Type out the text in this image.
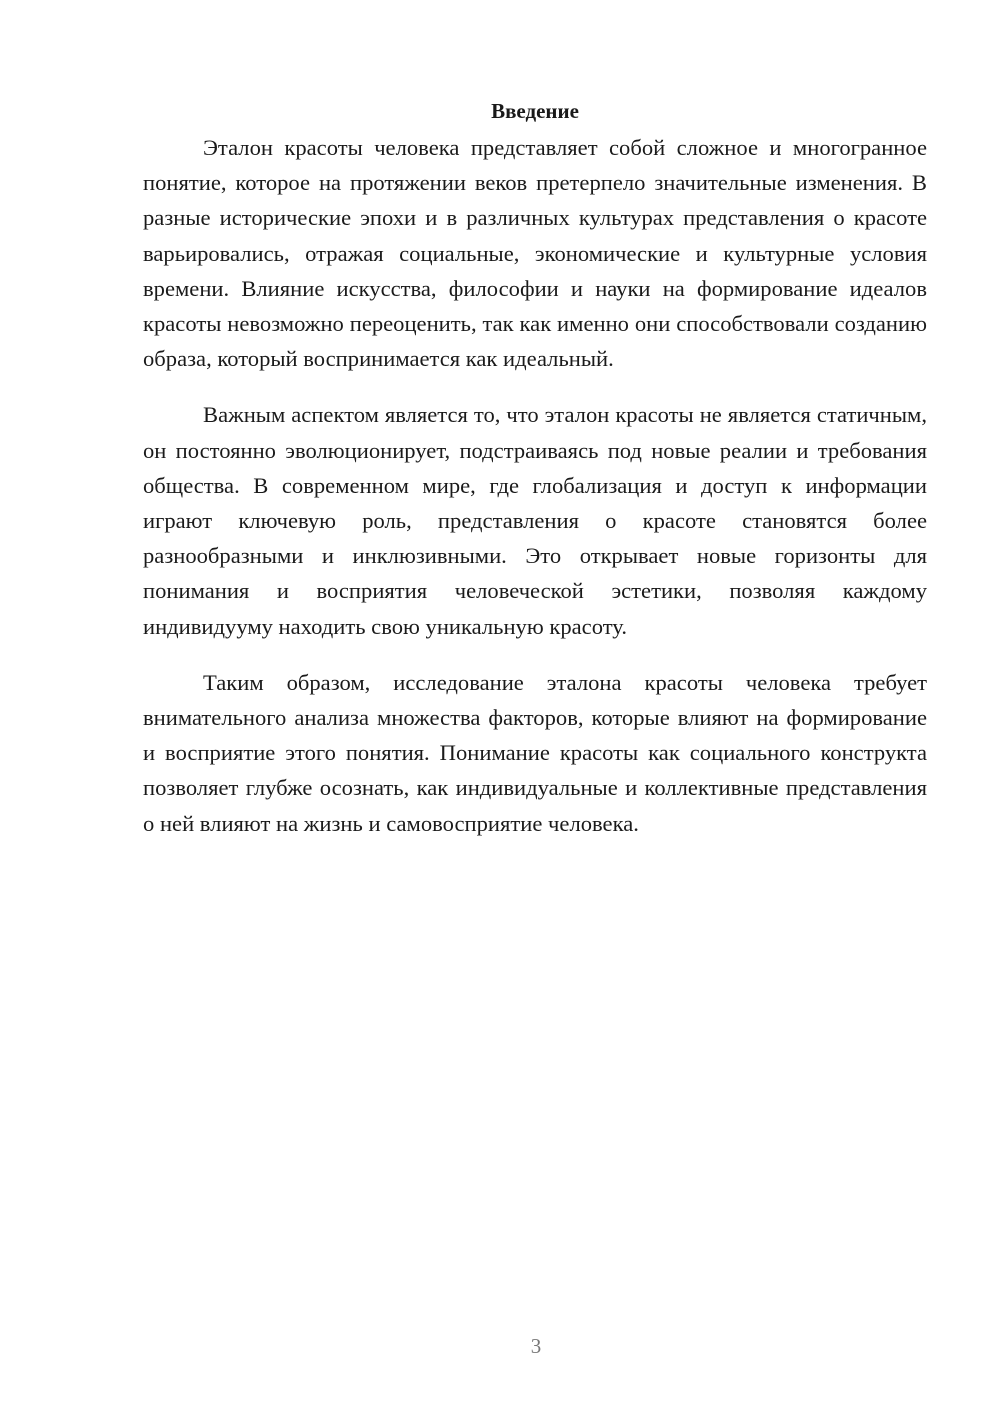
Введение

Эталон красоты человека представляет собой сложное и многогранное понятие, которое на протяжении веков претерпело значительные изменения. В разные исторические эпохи и в различных культурах представления о красоте варьировались, отражая социальные, экономические и культурные условия времени. Влияние искусства, философии и науки на формирование идеалов красоты невозможно переоценить, так как именно они способствовали созданию образа, который воспринимается как идеальный.

Важным аспектом является то, что эталон красоты не является статичным, он постоянно эволюционирует, подстраиваясь под новые реалии и требования общества. В современном мире, где глобализация и доступ к информации играют ключевую роль, представления о красоте становятся более разнообразными и инклюзивными. Это открывает новые горизонты для понимания и восприятия человеческой эстетики, позволяя каждому индивидууму находить свою уникальную красоту.

Таким образом, исследование эталона красоты человека требует внимательного анализа множества факторов, которые влияют на формирование и восприятие этого понятия. Понимание красоты как социального конструкта позволяет глубже осознать, как индивидуальные и коллективные представления о ней влияют на жизнь и самовосприятие человека.

3
